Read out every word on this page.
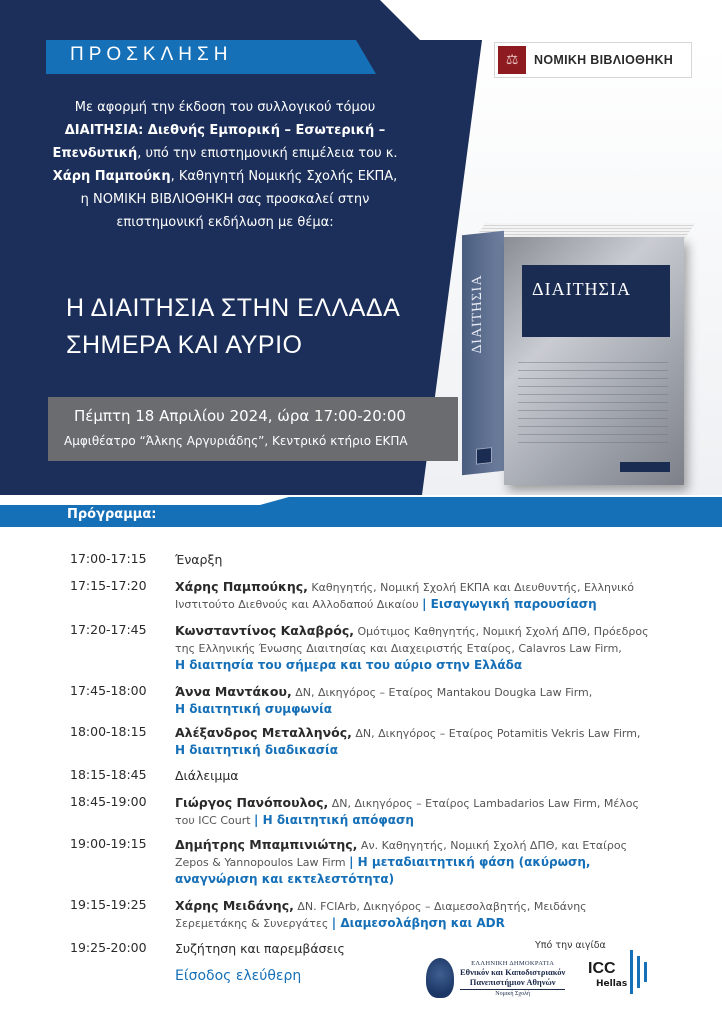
ΠΡΟΣΚΛΗΣΗ	⚖	ΝΟΜΙΚΗ ΒΙΒΛΙΟΘΗΚΗ
Με αφορμή την έκδοση του συλλογικού τόμου ΔΙΑΙΤΗΣΙΑ: Διεθνής Εμπορική – Εσωτερική – Επενδυτική, υπό την επιστημονική επιμέλεια του κ. Χάρη Παμπούκη, Καθηγητή Νομικής Σχολής ΕΚΠΑ, η ΝΟΜΙΚΗ ΒΙΒΛΙΟΘΗΚΗ σας προσκαλεί στην επιστημονική εκδήλωση με θέμα:
Η ΔΙΑΙΤΗΣΙΑ ΣΤΗΝ ΕΛΛΑΔΑ
ΣΗΜΕΡΑ ΚΑΙ ΑΥΡΙΟ
Πέμπτη 18 Απριλίου 2024, ώρα 17:00-20:00
Αμφιθέατρο “Άλκης Αργυριάδης”, Κεντρικό κτήριο ΕΚΠΑ
ΔΙΑΙΤΗΣΙΑ	ΔΙΑΙΤΗΣΙΑ
Πρόγραμμα:
17:00-17:15 Έναρξη
17:15-17:20 Χάρης Παμπούκης, Καθηγητής, Νομική Σχολή ΕΚΠΑ και Διευθυντής, Ελληνικό Ινστιτούτο Διεθνούς και Αλλοδαπού Δικαίου | Εισαγωγική παρουσίαση
17:20-17:45 Κωνσταντίνος Καλαβρός, Ομότιμος Καθηγητής, Νομική Σχολή ΔΠΘ, Πρόεδρος της Ελληνικής Ένωσης Διαιτησίας και Διαχειριστής Εταίρος, Calavros Law Firm,
Η διαιτησία του σήμερα και του αύριο στην Ελλάδα
17:45-18:00 Άννα Μαντάκου, ΔΝ, Δικηγόρος – Εταίρος Mantakou Dougka Law Firm,
Η διαιτητική συμφωνία
18:00-18:15 Αλέξανδρος Μεταλληνός, ΔΝ, Δικηγόρος – Εταίρος Potamitis Vekris Law Firm,
Η διαιτητική διαδικασία
18:15-18:45 Διάλειμμα
18:45-19:00 Γιώργος Πανόπουλος, ΔΝ, Δικηγόρος – Εταίρος Lambadarios Law Firm, Μέλος του ICC Court | Η διαιτητική απόφαση
19:00-19:15 Δημήτρης Μπαμπινιώτης, Αν. Καθηγητής, Νομική Σχολή ΔΠΘ, και Εταίρος Zepos & Yannopoulos Law Firm | Η μεταδιαιτητική φάση (ακύρωση, αναγνώριση και εκτελεστότητα)
19:15-19:25 Χάρης Μειδάνης, ΔΝ. FCIArb, Δικηγόρος – Διαμεσολαβητής, Μειδάνης Σερεμετάκης & Συνεργάτες | Διαμεσολάβηση και ADR
19:25-20:00 Συζήτηση και παρεμβάσεις
Είσοδος ελεύθερη
Υπό την αιγίδα
ΕΛΛΗΝΙΚΗ ΔΗΜΟΚΡΑΤΙΑ
Εθνικόν και Καποδιστριακόν
Πανεπιστήμιον Αθηνών
Νομική Σχολή
ICC
Hellas
